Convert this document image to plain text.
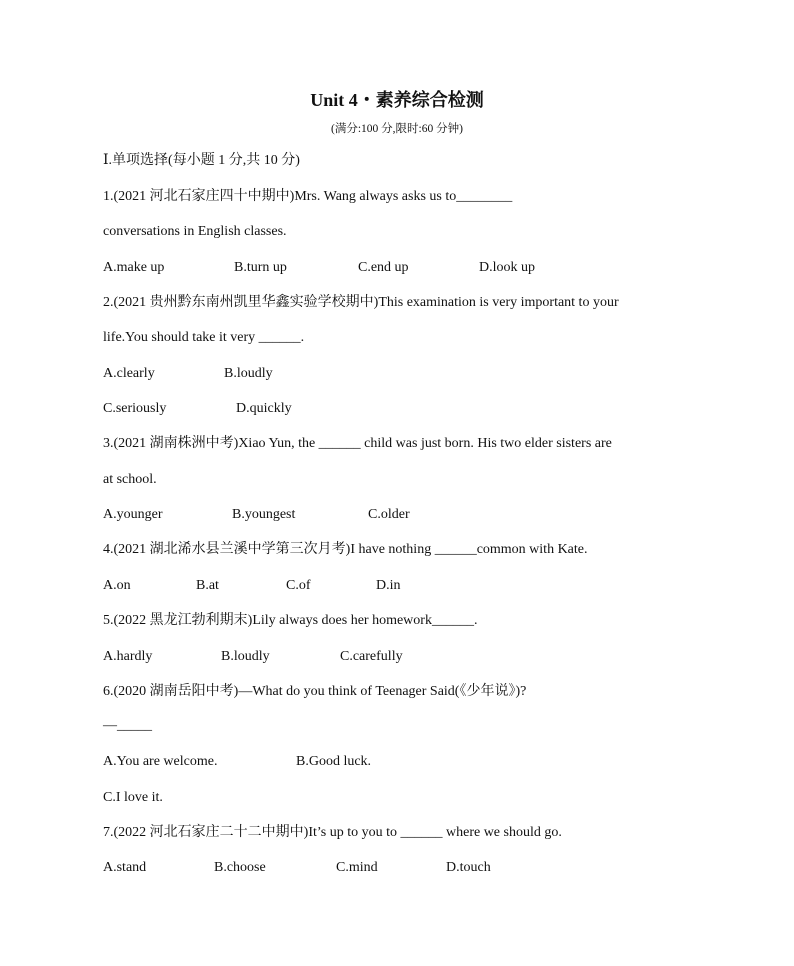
Unit 4・素养综合检测
(满分:100 分,限时:60 分钟)
Ⅰ.单项选择(每小题 1 分,共 10 分)
1.(2021 河北石家庄四十中期中)Mrs. Wang always asks us to________
conversations in English classes.
A.make up	B.turn up	C.end up	D.look up
2.(2021 贵州黔东南州凯里华鑫实验学校期中)This examination is very important to your
life.You should take it very ______.
A.clearly	B.loudly
C.seriously	D.quickly
3.(2021 湖南株洲中考)Xiao Yun, the ______ child was just born. His two elder sisters are
at school.
A.younger	B.youngest	C.older
4.(2021 湖北浠水县兰溪中学第三次月考)I have nothing ______common with Kate.
A.on	B.at	C.of	D.in
5.(2022 黑龙江勃利期末)Lily always does her homework______.
A.hardly	B.loudly	C.carefully
6.(2020 湖南岳阳中考)—What do you think of Teenager Said(《少年说》)?
—_____
A.You are welcome.	B.Good luck.
C.I love it.
7.(2022 河北石家庄二十二中期中)It’s up to you to ______ where we should go.
A.stand	B.choose	C.mind	D.touch
